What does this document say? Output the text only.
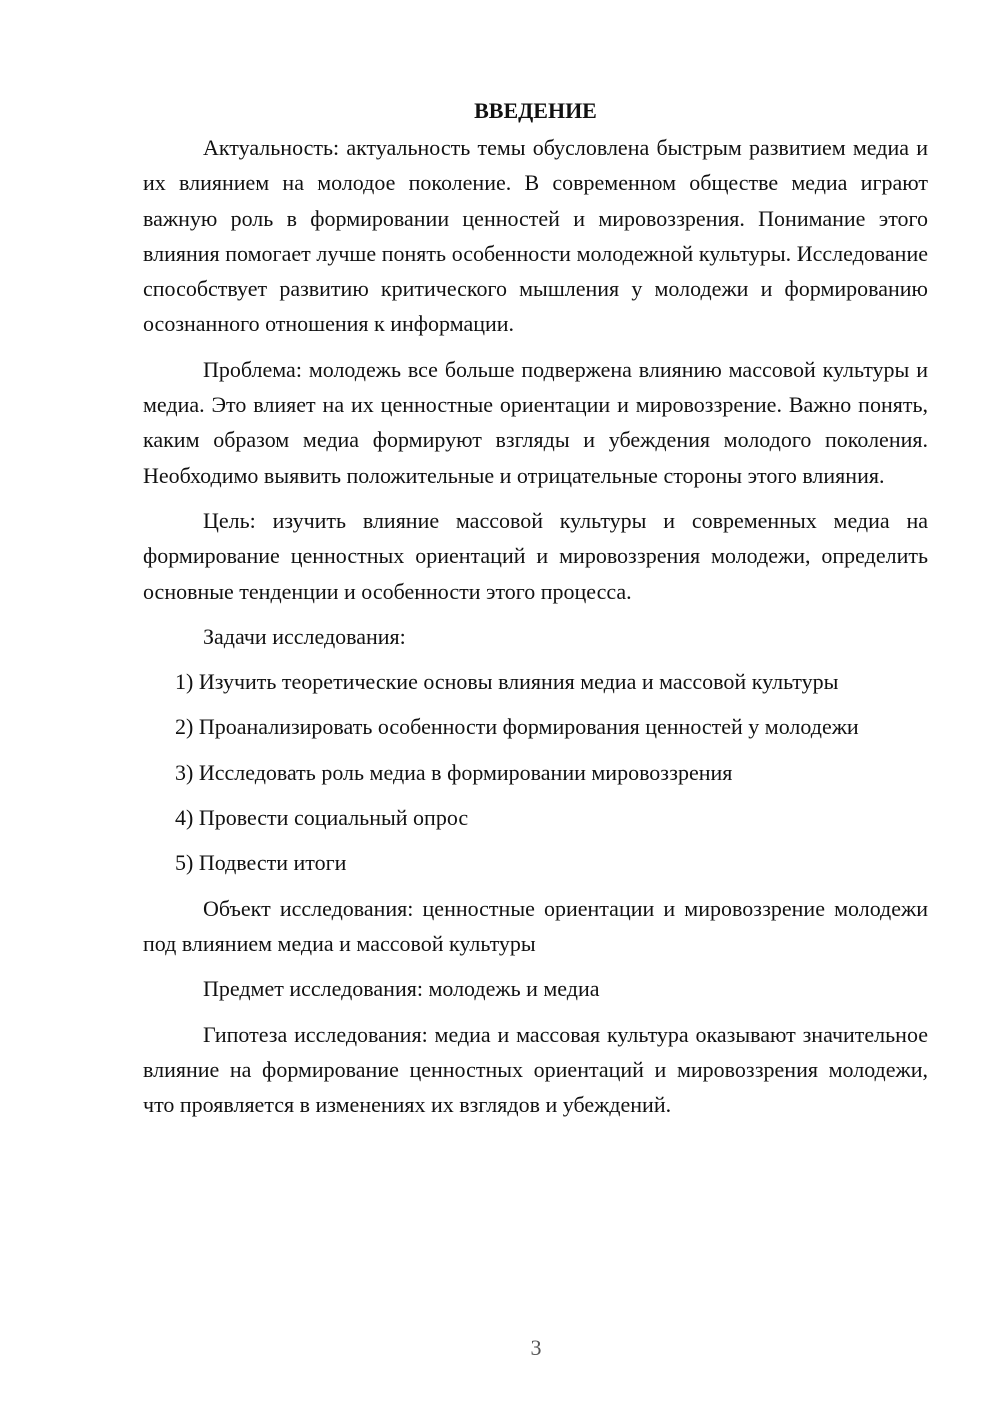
ВВЕДЕНИЕ

Актуальность: актуальность темы обусловлена быстрым развитием медиа и их влиянием на молодое поколение. В современном обществе медиа играют важную роль в формировании ценностей и мировоззрения. Понимание этого влияния помогает лучше понять особенности молодежной культуры. Исследование способствует развитию критического мышления у молодежи и формированию осознанного отношения к информации.

Проблема: молодежь все больше подвержена влиянию массовой культуры и медиа. Это влияет на их ценностные ориентации и мировоззрение. Важно понять, каким образом медиа формируют взгляды и убеждения молодого поколения. Необходимо выявить положительные и отрицательные стороны этого влияния.

Цель: изучить влияние массовой культуры и современных медиа на формирование ценностных ориентаций и мировоззрения молодежи, определить основные тенденции и особенности этого процесса.

Задачи исследования:

1) Изучить теоретические основы влияния медиа и массовой культуры

2) Проанализировать особенности формирования ценностей у молодежи

3) Исследовать роль медиа в формировании мировоззрения

4) Провести социальный опрос

5) Подвести итоги

Объект исследования: ценностные ориентации и мировоззрение молодежи под влиянием медиа и массовой культуры

Предмет исследования: молодежь и медиа

Гипотеза исследования: медиа и массовая культура оказывают значительное влияние на формирование ценностных ориентаций и мировоззрения молодежи, что проявляется в изменениях их взглядов и убеждений.

3
